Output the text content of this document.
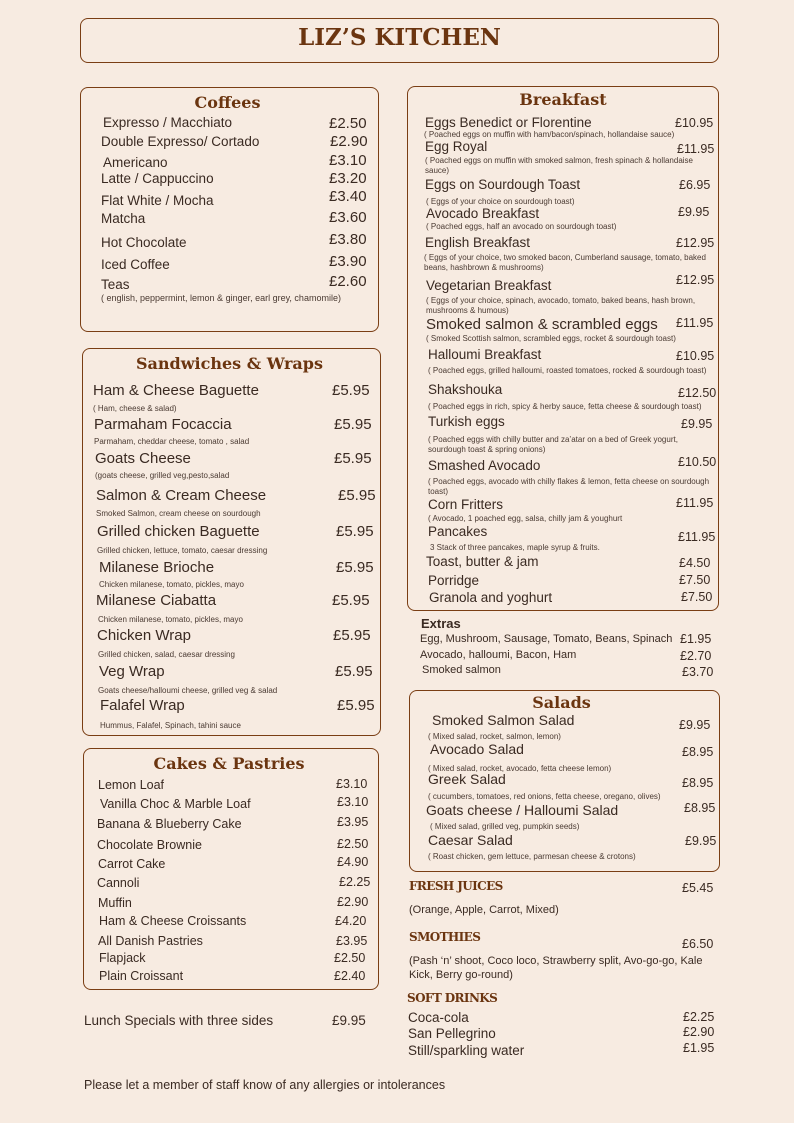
LIZ’S KITCHEN
Coffees
Expresso / Macchiato	£2.50
Double Expresso/ Cortado	£2.90
Americano	£3.10
Latte / Cappuccino	£3.20
Flat White / Mocha	£3.40
Matcha	£3.60
Hot Chocolate	£3.80
Iced Coffee	£3.90
Teas	£2.60
( english, peppermint, lemon & ginger, earl grey, chamomile)
Sandwiches & Wraps
Ham & Cheese Baguette	£5.95
( Ham, cheese & salad)
Parmaham Focaccia	£5.95
Parmaham, cheddar cheese, tomato , salad
Goats Cheese	£5.95
(goats cheese, grilled veg,pesto,salad
Salmon & Cream Cheese	£5.95
Smoked Salmon, cream cheese on sourdough
Grilled chicken Baguette	£5.95
Grilled chicken, lettuce, tomato, caesar dressing
Milanese Brioche	£5.95
Chicken milanese, tomato, pickles, mayo
Milanese Ciabatta	£5.95
Chicken milanese, tomato, pickles, mayo
Chicken Wrap	£5.95
Grilled chicken, salad, caesar dressing
Veg Wrap	£5.95
Goats cheese/halloumi cheese, grilled veg & salad
Falafel Wrap	£5.95
Hummus, Falafel, Spinach, tahini sauce
Cakes & Pastries
Lemon Loaf	£3.10
Vanilla Choc & Marble Loaf	£3.10
Banana & Blueberry Cake	£3.95
Chocolate Brownie	£2.50
Carrot Cake	£4.90
Cannoli	£2.25
Muffin	£2.90
Ham & Cheese Croissants	£4.20
All Danish Pastries	£3.95
Flapjack	£2.50
Plain Croissant	£2.40
Lunch Specials with three sides	£9.95
Please let a member of staff know of any allergies or intolerances
Breakfast
Eggs Benedict or Florentine	£10.95
( Poached eggs on muffin with ham/bacon/spinach, hollandaise sauce)
Egg Royal	£11.95
( Poached eggs on muffin with smoked salmon, fresh spinach & hollandaise sauce)
Eggs on Sourdough Toast	£6.95
( Eggs of your choice on sourdough toast)
Avocado Breakfast	£9.95
( Poached eggs, half an avocado on sourdough toast)
English Breakfast	£12.95
( Eggs of your choice, two smoked bacon, Cumberland sausage, tomato, baked beans, hashbrown & mushrooms)
Vegetarian Breakfast	£12.95
( Eggs of your choice, spinach, avocado, tomato, baked beans, hash brown, mushrooms & humous)
Smoked salmon & scrambled eggs £11.95
( Smoked Scottish salmon, scrambled eggs, rocket & sourdough toast)
Halloumi Breakfast	£10.95
( Poached eggs, grilled halloumi, roasted tomatoes, rocked & sourdough toast)
Shakshouka	£12.50
( Poached eggs in rich, spicy & herby sauce, fetta cheese & sourdough toast)
Turkish eggs	£9.95
( Poached eggs with chilly butter and za’atar on a bed of Greek yogurt, sourdough toast & spring onions)
Smashed Avocado	£10.50
( Poached eggs, avocado with chilly flakes & lemon, fetta cheese on sourdough toast)
Corn Fritters	£11.95
( Avocado, 1 poached egg, salsa, chilly jam & youghurt
Pancakes	£11.95
3 Stack of three pancakes, maple syrup & fruits.
Toast, butter & jam	£4.50
Porridge	£7.50
Granola and yoghurt	£7.50
Extras
Egg, Mushroom, Sausage, Tomato, Beans, Spinach £1.95
Avocado, halloumi, Bacon, Ham	£2.70
Smoked salmon	£3.70
Salads
Smoked Salmon Salad	£9.95
( Mixed salad, rocket, salmon, lemon)
Avocado Salad	£8.95
( Mixed salad, rocket, avocado, fetta cheese lemon)
Greek Salad	£8.95
( cucumbers, tomatoes, red onions, fetta cheese, oregano, olives)
Goats cheese / Halloumi Salad	£8.95
( Mixed salad, grilled veg, pumpkin seeds)
Caesar Salad	£9.95
( Roast chicken, gem lettuce, parmesan cheese & crotons)
FRESH JUICES	£5.45
(Orange, Apple, Carrot, Mixed)
SMOTHIES	£6.50
(Pash ‘n’ shoot, Coco loco, Strawberry split, Avo-go-go, Kale Kick, Berry go-round)
SOFT DRINKS
Coca-cola	£2.25
San Pellegrino	£2.90
Still/sparkling water	£1.95
